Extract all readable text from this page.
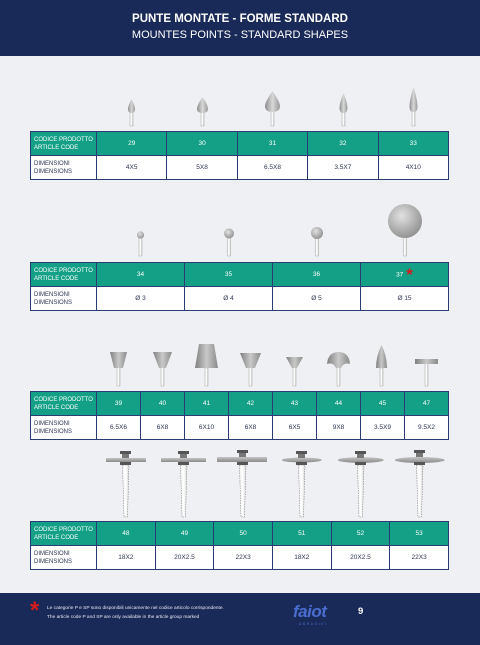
PUNTE MONTATE - FORME STANDARD
MOUNTES POINTS - STANDARD SHAPES
CODICE PRODOTTO
ARTICLE CODE	29	30	31	32	33
DIMENSIONI
DIMENSIONS	4X5	5X8	6.5X8	3.5X7	4X10
CODICE PRODOTTO
ARTICLE CODE	34	35	36	37 *
DIMENSIONI
DIMENSIONS	Ø 3	Ø 4	Ø 5	Ø 15
CODICE PRODOTTO
ARTICLE CODE	39	40	41	42	43	44	45	47
DIMENSIONI
DIMENSIONS	6.5X6	6X8	6X10	6X8	6X5	9X8	3.5X9	9.5X2
CODICE PRODOTTO
ARTICLE CODE	48	49	50	51	52	53
DIMENSIONI
DIMENSIONS	18X2	20X2.5	22X3	18X2	20X2.5	22X3
* Le categorie P e SP sono disponibili unicamente nel codice articolo corrispondente.
The article code P and SP are only available in the article group marked	faiot
ABRASIVI
9
